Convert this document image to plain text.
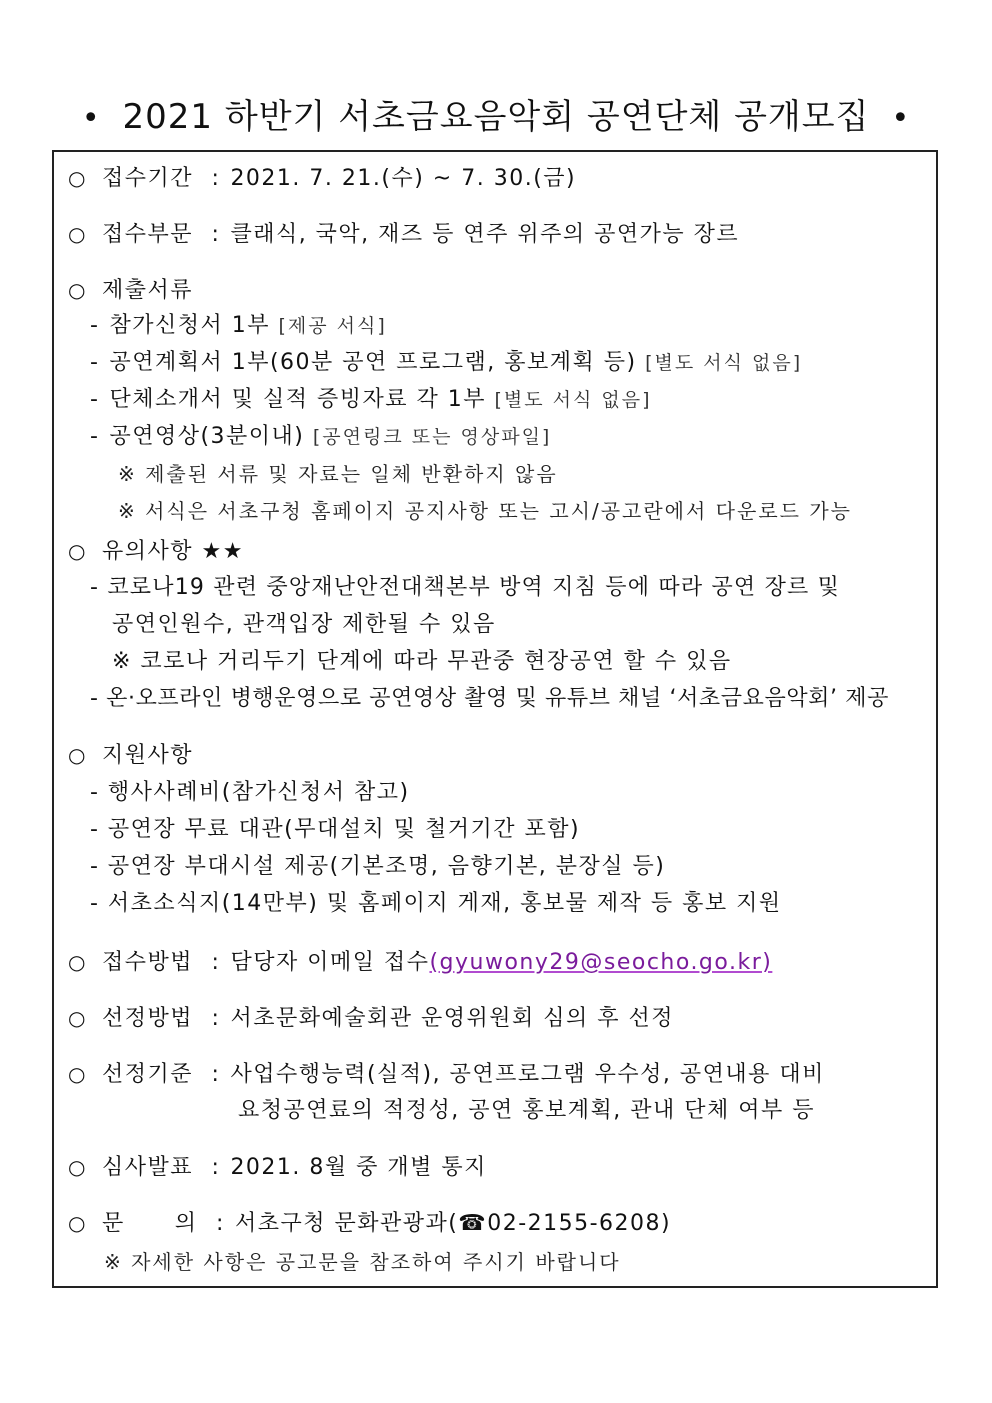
• 2021 하반기 서초금요음악회 공연단체 공개모집 •
○ 접수기간 : 2021. 7. 21.(수) ~ 7. 30.(금)
○ 접수부문 : 클래식, 국악, 재즈 등 연주 위주의 공연가능 장르
○ 제출서류
- 참가신청서 1부 [제공 서식]
- 공연계획서 1부(60분 공연 프로그램, 홍보계획 등) [별도 서식 없음]
- 단체소개서 및 실적 증빙자료 각 1부 [별도 서식 없음]
- 공연영상(3분이내) [공연링크 또는 영상파일]
※ 제출된 서류 및 자료는 일체 반환하지 않음
※ 서식은 서초구청 홈페이지 공지사항 또는 고시/공고란에서 다운로드 가능
○ 유의사항 ★★
- 코로나19 관련 중앙재난안전대책본부 방역 지침 등에 따라 공연 장르 및
공연인원수, 관객입장 제한될 수 있음
※ 코로나 거리두기 단계에 따라 무관중 현장공연 할 수 있음
- 온·오프라인 병행운영으로 공연영상 촬영 및 유튜브 채널 ‘서초금요음악회’ 제공
○ 지원사항
- 행사사례비(참가신청서 참고)
- 공연장 무료 대관(무대설치 및 철거기간 포함)
- 공연장 부대시설 제공(기본조명, 음향기본, 분장실 등)
- 서초소식지(14만부) 및 홈페이지 게재, 홍보물 제작 등 홍보 지원
○ 접수방법 : 담당자 이메일 접수(gyuwony29@seocho.go.kr)
○ 선정방법 : 서초문화예술회관 운영위원회 심의 후 선정
○ 선정기준 : 사업수행능력(실적), 공연프로그램 우수성, 공연내용 대비
요청공연료의 적정성, 공연 홍보계획, 관내 단체 여부 등
○ 심사발표 : 2021. 8월 중 개별 통지
○ 문 의 : 서초구청 문화관광과(☎02-2155-6208)
※ 자세한 사항은 공고문을 참조하여 주시기 바랍니다
